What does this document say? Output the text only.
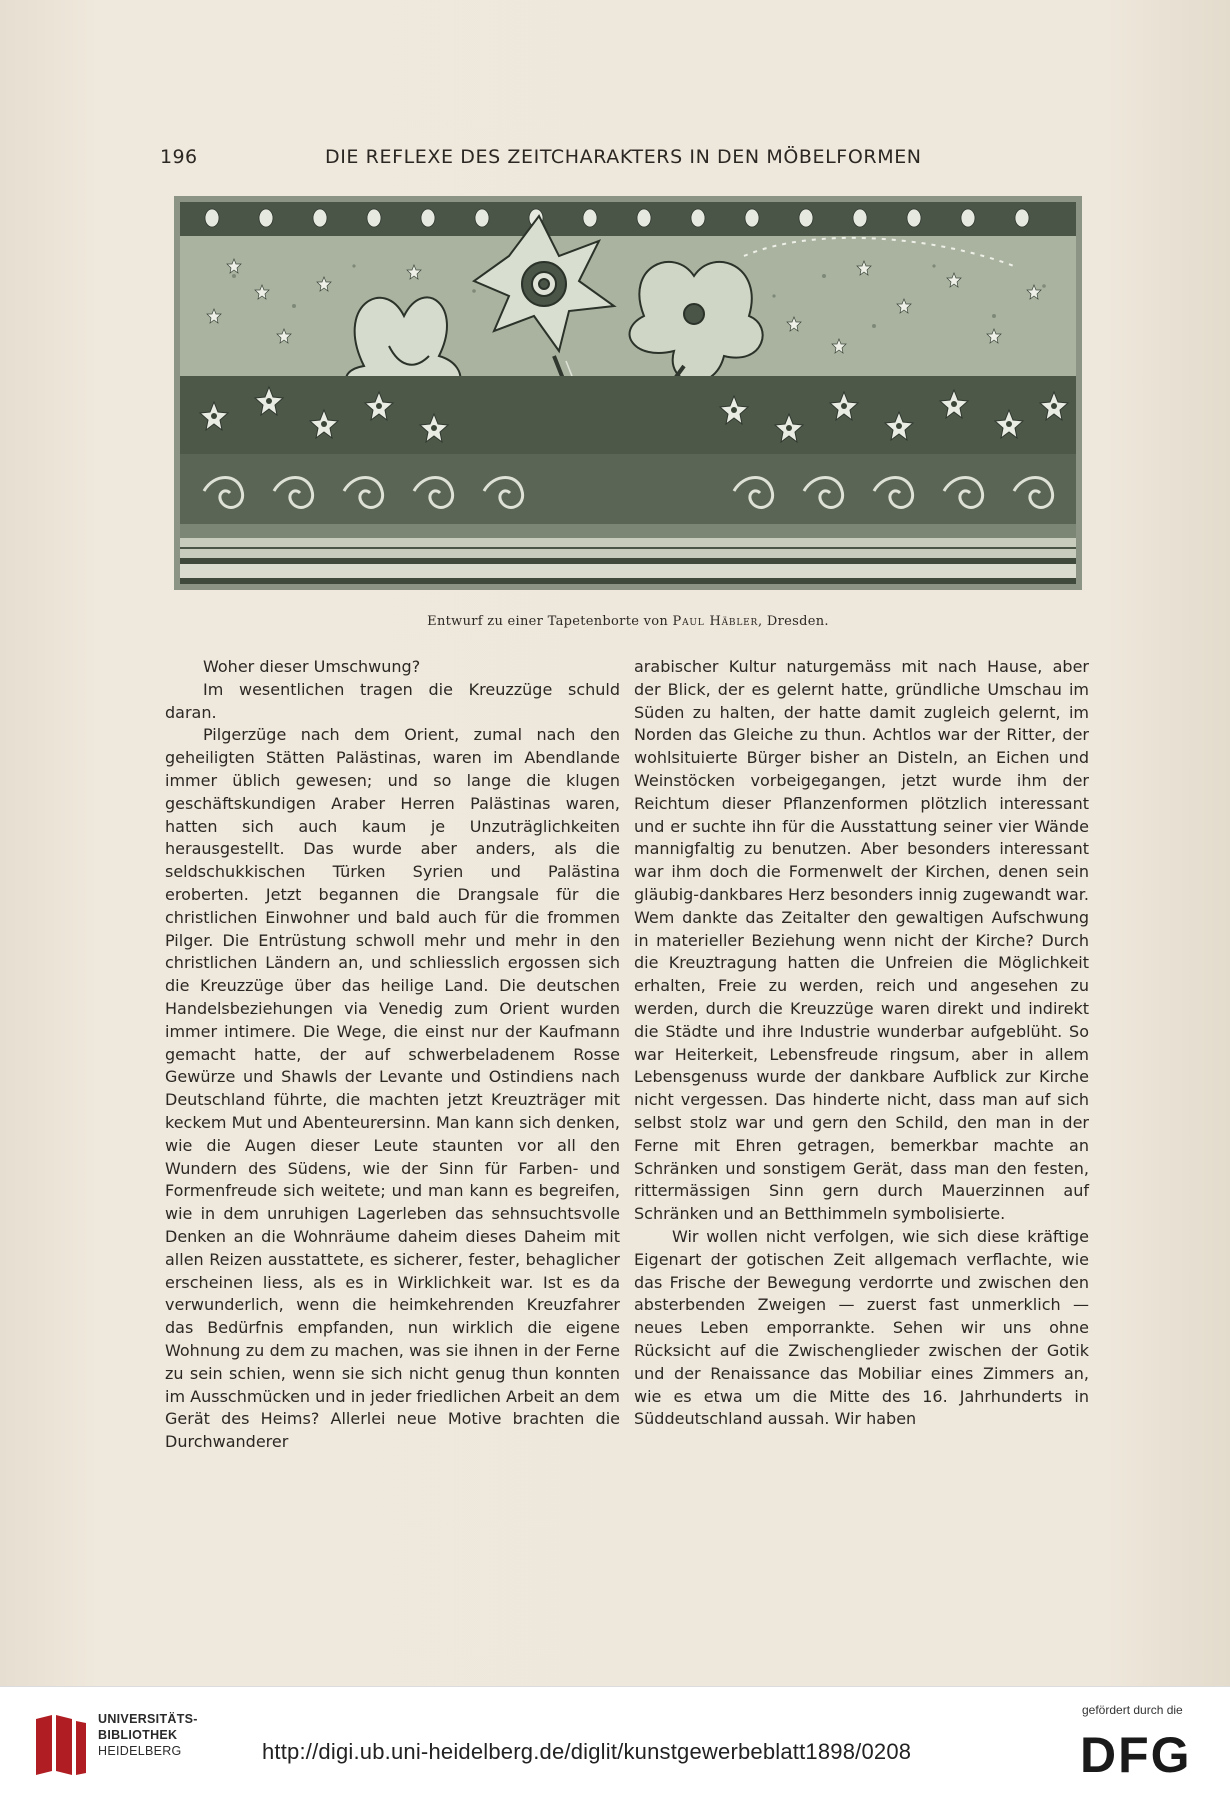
196	DIE REFLEXE DES ZEITCHARAKTERS IN DEN MÖBELFORMEN
Entwurf zu einer Tapetenborte von Paul Häbler, Dresden.

Woher dieser Umschwung?

Im wesentlichen tragen die Kreuzzüge schuld daran.

Pilgerzüge nach dem Orient, zumal nach den geheiligten Stätten Palästinas, waren im Abendlande immer üblich gewesen; und so lange die klugen geschäftskundigen Araber Herren Palästinas waren, hatten sich auch kaum je Unzuträglichkeiten herausgestellt. Das wurde aber anders, als die seldschukkischen Türken Syrien und Palästina eroberten. Jetzt begannen die Drangsale für die christlichen Einwohner und bald auch für die frommen Pilger. Die Entrüstung schwoll mehr und mehr in den christlichen Ländern an, und schliesslich ergossen sich die Kreuzzüge über das heilige Land. Die deutschen Handelsbeziehungen via Venedig zum Orient wurden immer intimere. Die Wege, die einst nur der Kaufmann gemacht hatte, der auf schwerbeladenem Rosse Gewürze und Shawls der Levante und Ostindiens nach Deutschland führte, die machten jetzt Kreuzträger mit keckem Mut und Abenteurersinn. Man kann sich denken, wie die Augen dieser Leute staunten vor all den Wundern des Südens, wie der Sinn für Farben- und Formenfreude sich weitete; und man kann es begreifen, wie in dem unruhigen Lagerleben das sehnsuchtsvolle Denken an die Wohnräume daheim dieses Daheim mit allen Reizen ausstattete, es sicherer, fester, behaglicher erscheinen liess, als es in Wirklichkeit war. Ist es da verwunderlich, wenn die heimkehrenden Kreuzfahrer das Bedürfnis empfanden, nun wirklich die eigene Wohnung zu dem zu machen, was sie ihnen in der Ferne zu sein schien, wenn sie sich nicht genug thun konnten im Ausschmücken und in jeder friedlichen Arbeit an dem Gerät des Heims? Allerlei neue Motive brachten die Durchwanderer

arabischer Kultur naturgemäss mit nach Hause, aber der Blick, der es gelernt hatte, gründliche Umschau im Süden zu halten, der hatte damit zugleich gelernt, im Norden das Gleiche zu thun. Achtlos war der Ritter, der wohlsituierte Bürger bisher an Disteln, an Eichen und Weinstöcken vorbeigegangen, jetzt wurde ihm der Reichtum dieser Pflanzenformen plötzlich interessant und er suchte ihn für die Ausstattung seiner vier Wände mannigfaltig zu benutzen. Aber besonders interessant war ihm doch die Formenwelt der Kirchen, denen sein gläubig-dankbares Herz besonders innig zugewandt war. Wem dankte das Zeitalter den gewaltigen Aufschwung in materieller Beziehung wenn nicht der Kirche? Durch die Kreuztragung hatten die Unfreien die Möglichkeit erhalten, Freie zu werden, reich und angesehen zu werden, durch die Kreuzzüge waren direkt und indirekt die Städte und ihre Industrie wunderbar aufgeblüht. So war Heiterkeit, Lebensfreude ringsum, aber in allem Lebensgenuss wurde der dankbare Aufblick zur Kirche nicht vergessen. Das hinderte nicht, dass man auf sich selbst stolz war und gern den Schild, den man in der Ferne mit Ehren getragen, bemerkbar machte an Schränken und sonstigem Gerät, dass man den festen, rittermässigen Sinn gern durch Mauerzinnen auf Schränken und an Betthimmeln symbolisierte.

Wir wollen nicht verfolgen, wie sich diese kräftige Eigenart der gotischen Zeit allgemach verflachte, wie das Frische der Bewegung verdorrte und zwischen den absterbenden Zweigen — zuerst fast unmerklich — neues Leben emporrankte. Sehen wir uns ohne Rücksicht auf die Zwischenglieder zwischen der Gotik und der Renaissance das Mobiliar eines Zimmers an, wie es etwa um die Mitte des 16. Jahrhunderts in Süddeutschland aussah. Wir haben

UNIVERSITÄTS-
BIBLIOTHEK
HEIDELBERG	http://digi.ub.uni-heidelberg.de/diglit/kunstgewerbeblatt1898/0208
gefördert durch die
DFG
